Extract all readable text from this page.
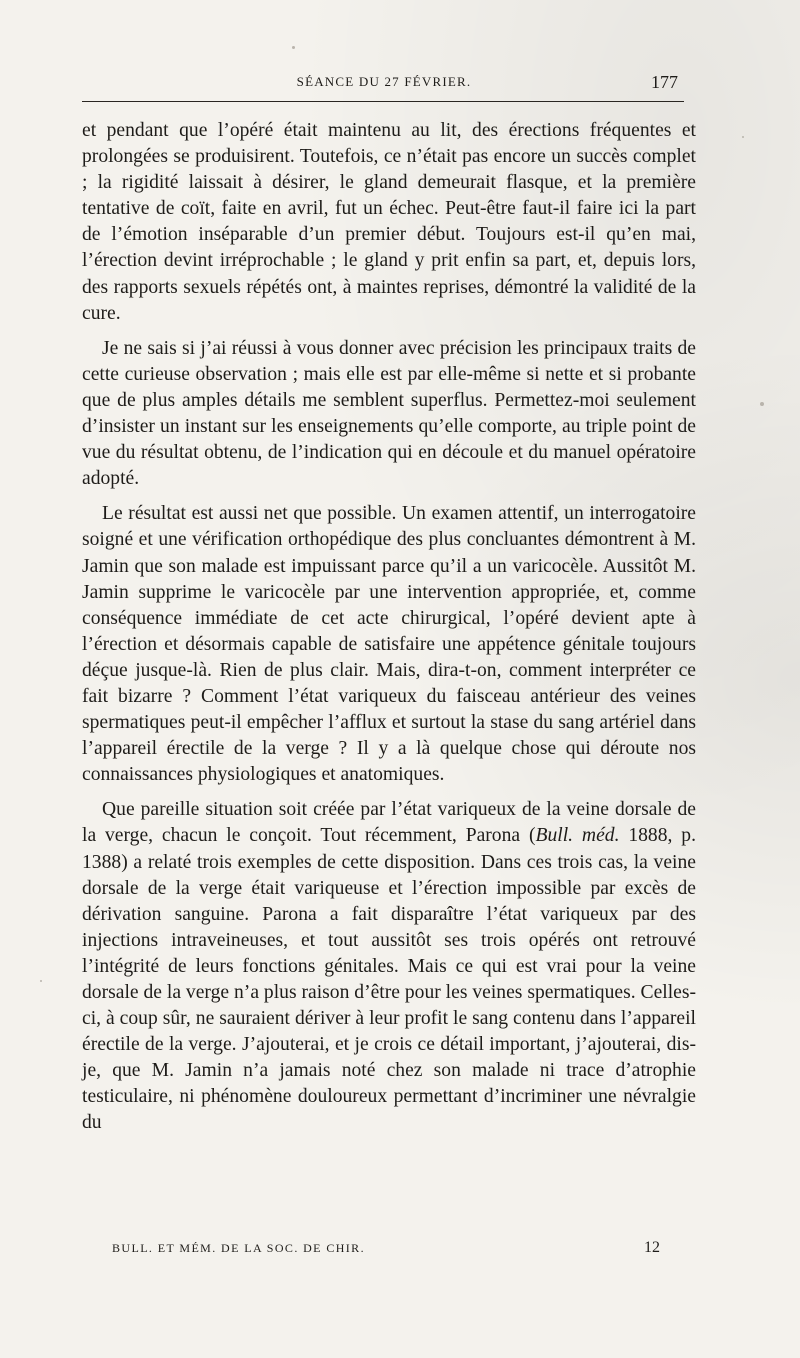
SÉANCE DU 27 FÉVRIER.	177

et pendant que l’opéré était maintenu au lit, des érections fréquentes et prolongées se produisirent. Toutefois, ce n’était pas encore un succès complet ; la rigidité laissait à désirer, le gland demeurait flasque, et la première tentative de coït, faite en avril, fut un échec. Peut-être faut-il faire ici la part de l’émotion inséparable d’un premier début. Toujours est-il qu’en mai, l’érection devint irréprochable ; le gland y prit enfin sa part, et, depuis lors, des rapports sexuels répétés ont, à maintes reprises, démontré la validité de la cure.

Je ne sais si j’ai réussi à vous donner avec précision les principaux traits de cette curieuse observation ; mais elle est par elle-même si nette et si probante que de plus amples détails me semblent superflus. Permettez-moi seulement d’insister un instant sur les enseignements qu’elle comporte, au triple point de vue du résultat obtenu, de l’indication qui en découle et du manuel opératoire adopté.

Le résultat est aussi net que possible. Un examen attentif, un interrogatoire soigné et une vérification orthopédique des plus concluantes démontrent à M. Jamin que son malade est impuissant parce qu’il a un varicocèle. Aussitôt M. Jamin supprime le varicocèle par une intervention appropriée, et, comme conséquence immédiate de cet acte chirurgical, l’opéré devient apte à l’érection et désormais capable de satisfaire une appétence génitale toujours déçue jusque-là. Rien de plus clair. Mais, dira-t-on, comment interpréter ce fait bizarre ? Comment l’état variqueux du faisceau antérieur des veines spermatiques peut-il empêcher l’afflux et surtout la stase du sang artériel dans l’appareil érectile de la verge ? Il y a là quelque chose qui déroute nos connaissances physiologiques et anatomiques.

Que pareille situation soit créée par l’état variqueux de la veine dorsale de la verge, chacun le conçoit. Tout récemment, Parona (Bull. méd. 1888, p. 1388) a relaté trois exemples de cette disposition. Dans ces trois cas, la veine dorsale de la verge était variqueuse et l’érection impossible par excès de dérivation sanguine. Parona a fait disparaître l’état variqueux par des injections intraveineuses, et tout aussitôt ses trois opérés ont retrouvé l’intégrité de leurs fonctions génitales. Mais ce qui est vrai pour la veine dorsale de la verge n’a plus raison d’être pour les veines spermatiques. Celles-ci, à coup sûr, ne sauraient dériver à leur profit le sang contenu dans l’appareil érectile de la verge. J’ajouterai, et je crois ce détail important, j’ajouterai, dis-je, que M. Jamin n’a jamais noté chez son malade ni trace d’atrophie testiculaire, ni phénomène douloureux permettant d’incriminer une névralgie du

BULL. ET MÉM. DE LA SOC. DE CHIR.	12
